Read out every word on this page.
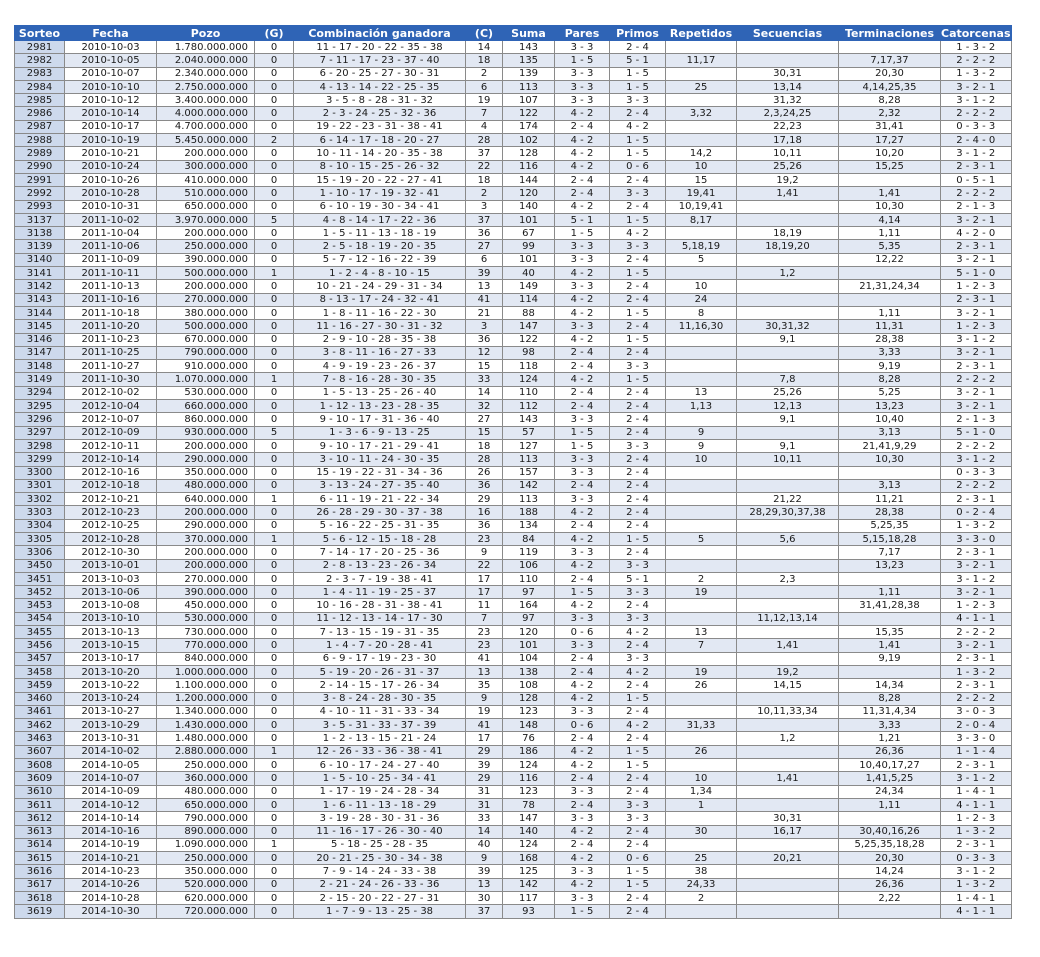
Sorteo	Fecha	Pozo	(G)	Combinación ganadora	(C)	Suma	Pares	Primos	Repetidos	Secuencias	Terminaciones	Catorcenas
2981	2010-10-03	1.780.000.000	0	11 - 17 - 20 - 22 - 35 - 38	14	143	3 - 3	2 - 4				1 - 3 - 2
2982	2010-10-05	2.040.000.000	0	7 - 11 - 17 - 23 - 37 - 40	18	135	1 - 5	5 - 1	11,17		7,17,37	2 - 2 - 2
2983	2010-10-07	2.340.000.000	0	6 - 20 - 25 - 27 - 30 - 31	2	139	3 - 3	1 - 5		30,31	20,30	1 - 3 - 2
2984	2010-10-10	2.750.000.000	0	4 - 13 - 14 - 22 - 25 - 35	6	113	3 - 3	1 - 5	25	13,14	4,14,25,35	3 - 2 - 1
2985	2010-10-12	3.400.000.000	0	3 - 5 - 8 - 28 - 31 - 32	19	107	3 - 3	3 - 3		31,32	8,28	3 - 1 - 2
2986	2010-10-14	4.000.000.000	0	2 - 3 - 24 - 25 - 32 - 36	7	122	4 - 2	2 - 4	3,32	2,3,24,25	2,32	2 - 2 - 2
2987	2010-10-17	4.700.000.000	0	19 - 22 - 23 - 31 - 38 - 41	4	174	2 - 4	4 - 2		22,23	31,41	0 - 3 - 3
2988	2010-10-19	5.450.000.000	2	6 - 14 - 17 - 18 - 20 - 27	28	102	4 - 2	1 - 5		17,18	17,27	2 - 4 - 0
2989	2010-10-21	200.000.000	0	10 - 11 - 14 - 20 - 35 - 38	37	128	4 - 2	1 - 5	14,2	10,11	10,20	3 - 1 - 2
2990	2010-10-24	300.000.000	0	8 - 10 - 15 - 25 - 26 - 32	22	116	4 - 2	0 - 6	10	25,26	15,25	2 - 3 - 1
2991	2010-10-26	410.000.000	0	15 - 19 - 20 - 22 - 27 - 41	18	144	2 - 4	2 - 4	15	19,2		0 - 5 - 1
2992	2010-10-28	510.000.000	0	1 - 10 - 17 - 19 - 32 - 41	2	120	2 - 4	3 - 3	19,41	1,41	1,41	2 - 2 - 2
2993	2010-10-31	650.000.000	0	6 - 10 - 19 - 30 - 34 - 41	3	140	4 - 2	2 - 4	10,19,41		10,30	2 - 1 - 3
3137	2011-10-02	3.970.000.000	5	4 - 8 - 14 - 17 - 22 - 36	37	101	5 - 1	1 - 5	8,17		4,14	3 - 2 - 1
3138	2011-10-04	200.000.000	0	1 - 5 - 11 - 13 - 18 - 19	36	67	1 - 5	4 - 2		18,19	1,11	4 - 2 - 0
3139	2011-10-06	250.000.000	0	2 - 5 - 18 - 19 - 20 - 35	27	99	3 - 3	3 - 3	5,18,19	18,19,20	5,35	2 - 3 - 1
3140	2011-10-09	390.000.000	0	5 - 7 - 12 - 16 - 22 - 39	6	101	3 - 3	2 - 4	5		12,22	3 - 2 - 1
3141	2011-10-11	500.000.000	1	1 - 2 - 4 - 8 - 10 - 15	39	40	4 - 2	1 - 5		1,2		5 - 1 - 0
3142	2011-10-13	200.000.000	0	10 - 21 - 24 - 29 - 31 - 34	13	149	3 - 3	2 - 4	10		21,31,24,34	1 - 2 - 3
3143	2011-10-16	270.000.000	0	8 - 13 - 17 - 24 - 32 - 41	41	114	4 - 2	2 - 4	24			2 - 3 - 1
3144	2011-10-18	380.000.000	0	1 - 8 - 11 - 16 - 22 - 30	21	88	4 - 2	1 - 5	8		1,11	3 - 2 - 1
3145	2011-10-20	500.000.000	0	11 - 16 - 27 - 30 - 31 - 32	3	147	3 - 3	2 - 4	11,16,30	30,31,32	11,31	1 - 2 - 3
3146	2011-10-23	670.000.000	0	2 - 9 - 10 - 28 - 35 - 38	36	122	4 - 2	1 - 5		9,1	28,38	3 - 1 - 2
3147	2011-10-25	790.000.000	0	3 - 8 - 11 - 16 - 27 - 33	12	98	2 - 4	2 - 4			3,33	3 - 2 - 1
3148	2011-10-27	910.000.000	0	4 - 9 - 19 - 23 - 26 - 37	15	118	2 - 4	3 - 3			9,19	2 - 3 - 1
3149	2011-10-30	1.070.000.000	1	7 - 8 - 16 - 28 - 30 - 35	33	124	4 - 2	1 - 5		7,8	8,28	2 - 2 - 2
3294	2012-10-02	530.000.000	0	1 - 5 - 13 - 25 - 26 - 40	14	110	2 - 4	2 - 4	13	25,26	5,25	3 - 2 - 1
3295	2012-10-04	660.000.000	0	1 - 12 - 13 - 23 - 28 - 35	32	112	2 - 4	2 - 4	1,13	12,13	13,23	3 - 2 - 1
3296	2012-10-07	860.000.000	0	9 - 10 - 17 - 31 - 36 - 40	27	143	3 - 3	2 - 4		9,1	10,40	2 - 1 - 3
3297	2012-10-09	930.000.000	5	1 - 3 - 6 - 9 - 13 - 25	15	57	1 - 5	2 - 4	9		3,13	5 - 1 - 0
3298	2012-10-11	200.000.000	0	9 - 10 - 17 - 21 - 29 - 41	18	127	1 - 5	3 - 3	9	9,1	21,41,9,29	2 - 2 - 2
3299	2012-10-14	290.000.000	0	3 - 10 - 11 - 24 - 30 - 35	28	113	3 - 3	2 - 4	10	10,11	10,30	3 - 1 - 2
3300	2012-10-16	350.000.000	0	15 - 19 - 22 - 31 - 34 - 36	26	157	3 - 3	2 - 4				0 - 3 - 3
3301	2012-10-18	480.000.000	0	3 - 13 - 24 - 27 - 35 - 40	36	142	2 - 4	2 - 4			3,13	2 - 2 - 2
3302	2012-10-21	640.000.000	1	6 - 11 - 19 - 21 - 22 - 34	29	113	3 - 3	2 - 4		21,22	11,21	2 - 3 - 1
3303	2012-10-23	200.000.000	0	26 - 28 - 29 - 30 - 37 - 38	16	188	4 - 2	2 - 4		28,29,30,37,38	28,38	0 - 2 - 4
3304	2012-10-25	290.000.000	0	5 - 16 - 22 - 25 - 31 - 35	36	134	2 - 4	2 - 4			5,25,35	1 - 3 - 2
3305	2012-10-28	370.000.000	1	5 - 6 - 12 - 15 - 18 - 28	23	84	4 - 2	1 - 5	5	5,6	5,15,18,28	3 - 3 - 0
3306	2012-10-30	200.000.000	0	7 - 14 - 17 - 20 - 25 - 36	9	119	3 - 3	2 - 4			7,17	2 - 3 - 1
3450	2013-10-01	200.000.000	0	2 - 8 - 13 - 23 - 26 - 34	22	106	4 - 2	3 - 3			13,23	3 - 2 - 1
3451	2013-10-03	270.000.000	0	2 - 3 - 7 - 19 - 38 - 41	17	110	2 - 4	5 - 1	2	2,3		3 - 1 - 2
3452	2013-10-06	390.000.000	0	1 - 4 - 11 - 19 - 25 - 37	17	97	1 - 5	3 - 3	19		1,11	3 - 2 - 1
3453	2013-10-08	450.000.000	0	10 - 16 - 28 - 31 - 38 - 41	11	164	4 - 2	2 - 4			31,41,28,38	1 - 2 - 3
3454	2013-10-10	530.000.000	0	11 - 12 - 13 - 14 - 17 - 30	7	97	3 - 3	3 - 3		11,12,13,14		4 - 1 - 1
3455	2013-10-13	730.000.000	0	7 - 13 - 15 - 19 - 31 - 35	23	120	0 - 6	4 - 2	13		15,35	2 - 2 - 2
3456	2013-10-15	770.000.000	0	1 - 4 - 7 - 20 - 28 - 41	23	101	3 - 3	2 - 4	7	1,41	1,41	3 - 2 - 1
3457	2013-10-17	840.000.000	0	6 - 9 - 17 - 19 - 23 - 30	41	104	2 - 4	3 - 3			9,19	2 - 3 - 1
3458	2013-10-20	1.000.000.000	0	5 - 19 - 20 - 26 - 31 - 37	13	138	2 - 4	4 - 2	19	19,2		1 - 3 - 2
3459	2013-10-22	1.100.000.000	0	2 - 14 - 15 - 17 - 26 - 34	35	108	4 - 2	2 - 4	26	14,15	14,34	2 - 3 - 1
3460	2013-10-24	1.200.000.000	0	3 - 8 - 24 - 28 - 30 - 35	9	128	4 - 2	1 - 5			8,28	2 - 2 - 2
3461	2013-10-27	1.340.000.000	0	4 - 10 - 11 - 31 - 33 - 34	19	123	3 - 3	2 - 4		10,11,33,34	11,31,4,34	3 - 0 - 3
3462	2013-10-29	1.430.000.000	0	3 - 5 - 31 - 33 - 37 - 39	41	148	0 - 6	4 - 2	31,33		3,33	2 - 0 - 4
3463	2013-10-31	1.480.000.000	0	1 - 2 - 13 - 15 - 21 - 24	17	76	2 - 4	2 - 4		1,2	1,21	3 - 3 - 0
3607	2014-10-02	2.880.000.000	1	12 - 26 - 33 - 36 - 38 - 41	29	186	4 - 2	1 - 5	26		26,36	1 - 1 - 4
3608	2014-10-05	250.000.000	0	6 - 10 - 17 - 24 - 27 - 40	39	124	4 - 2	1 - 5			10,40,17,27	2 - 3 - 1
3609	2014-10-07	360.000.000	0	1 - 5 - 10 - 25 - 34 - 41	29	116	2 - 4	2 - 4	10	1,41	1,41,5,25	3 - 1 - 2
3610	2014-10-09	480.000.000	0	1 - 17 - 19 - 24 - 28 - 34	31	123	3 - 3	2 - 4	1,34		24,34	1 - 4 - 1
3611	2014-10-12	650.000.000	0	1 - 6 - 11 - 13 - 18 - 29	31	78	2 - 4	3 - 3	1		1,11	4 - 1 - 1
3612	2014-10-14	790.000.000	0	3 - 19 - 28 - 30 - 31 - 36	33	147	3 - 3	3 - 3		30,31		1 - 2 - 3
3613	2014-10-16	890.000.000	0	11 - 16 - 17 - 26 - 30 - 40	14	140	4 - 2	2 - 4	30	16,17	30,40,16,26	1 - 3 - 2
3614	2014-10-19	1.090.000.000	1	5 - 18 - 25 - 28 - 35	40	124	2 - 4	2 - 4			5,25,35,18,28	2 - 3 - 1
3615	2014-10-21	250.000.000	0	20 - 21 - 25 - 30 - 34 - 38	9	168	4 - 2	0 - 6	25	20,21	20,30	0 - 3 - 3
3616	2014-10-23	350.000.000	0	7 - 9 - 14 - 24 - 33 - 38	39	125	3 - 3	1 - 5	38		14,24	3 - 1 - 2
3617	2014-10-26	520.000.000	0	2 - 21 - 24 - 26 - 33 - 36	13	142	4 - 2	1 - 5	24,33		26,36	1 - 3 - 2
3618	2014-10-28	620.000.000	0	2 - 15 - 20 - 22 - 27 - 31	30	117	3 - 3	2 - 4	2		2,22	1 - 4 - 1
3619	2014-10-30	720.000.000	0	1 - 7 - 9 - 13 - 25 - 38	37	93	1 - 5	2 - 4				4 - 1 - 1
